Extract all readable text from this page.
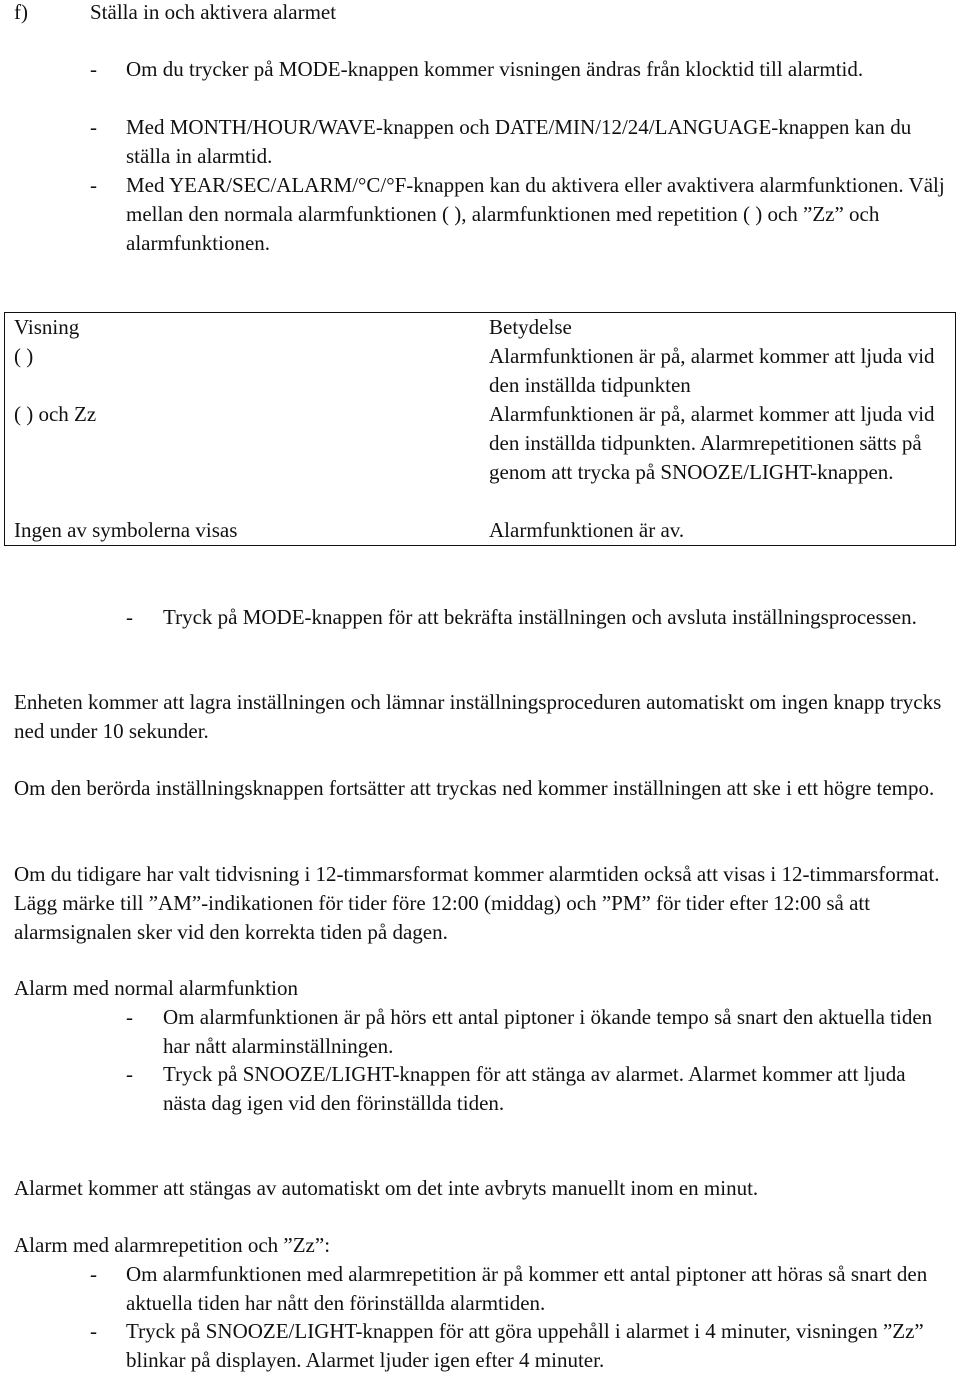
f)	Ställa in och aktivera alarmet
-	Om du trycker på MODE-knappen kommer visningen ändras från klocktid till alarmtid.
-	Med MONTH/HOUR/WAVE-knappen och DATE/MIN/12/24/LANGUAGE-knappen kan du ställa in alarmtid.
-	Med YEAR/SEC/ALARM/°C/°F-knappen kan du aktivera eller avaktivera alarmfunktionen. Välj mellan den normala alarmfunktionen ( ), alarmfunktionen med repetition ( ) och ”Zz” och alarmfunktionen.
Visning	Betydelse
( )	Alarmfunktionen är på, alarmet kommer att ljuda vid den inställda tidpunkten
( ) och Zz	Alarmfunktionen är på, alarmet kommer att ljuda vid den inställda tidpunkten. Alarmrepetitionen sätts på genom att trycka på SNOOZE/LIGHT-knappen.
Ingen av symbolerna visas	Alarmfunktionen är av.
-	Tryck på MODE-knappen för att bekräfta inställningen och avsluta inställningsprocessen.
Enheten kommer att lagra inställningen och lämnar inställningsproceduren automatiskt om ingen knapp trycks ned under 10 sekunder.
Om den berörda inställningsknappen fortsätter att tryckas ned kommer inställningen att ske i ett högre tempo.
Om du tidigare har valt tidvisning i 12-timmarsformat kommer alarmtiden också att visas i 12-timmarsformat. Lägg märke till ”AM”-indikationen för tider före 12:00 (middag) och ”PM” för tider efter 12:00 så att alarmsignalen sker vid den korrekta tiden på dagen.
Alarm med normal alarmfunktion
-	Om alarmfunktionen är på hörs ett antal piptoner i ökande tempo så snart den aktuella tiden har nått alarminställningen.
-	Tryck på SNOOZE/LIGHT-knappen för att stänga av alarmet. Alarmet kommer att ljuda nästa dag igen vid den förinställda tiden.
Alarmet kommer att stängas av automatiskt om det inte avbryts manuellt inom en minut.
Alarm med alarmrepetition och ”Zz”:
-	Om alarmfunktionen med alarmrepetition är på kommer ett antal piptoner att höras så snart den aktuella tiden har nått den förinställda alarmtiden.
-	Tryck på SNOOZE/LIGHT-knappen för att göra uppehåll i alarmet i 4 minuter, visningen ”Zz” blinkar på displayen. Alarmet ljuder igen efter 4 minuter.
